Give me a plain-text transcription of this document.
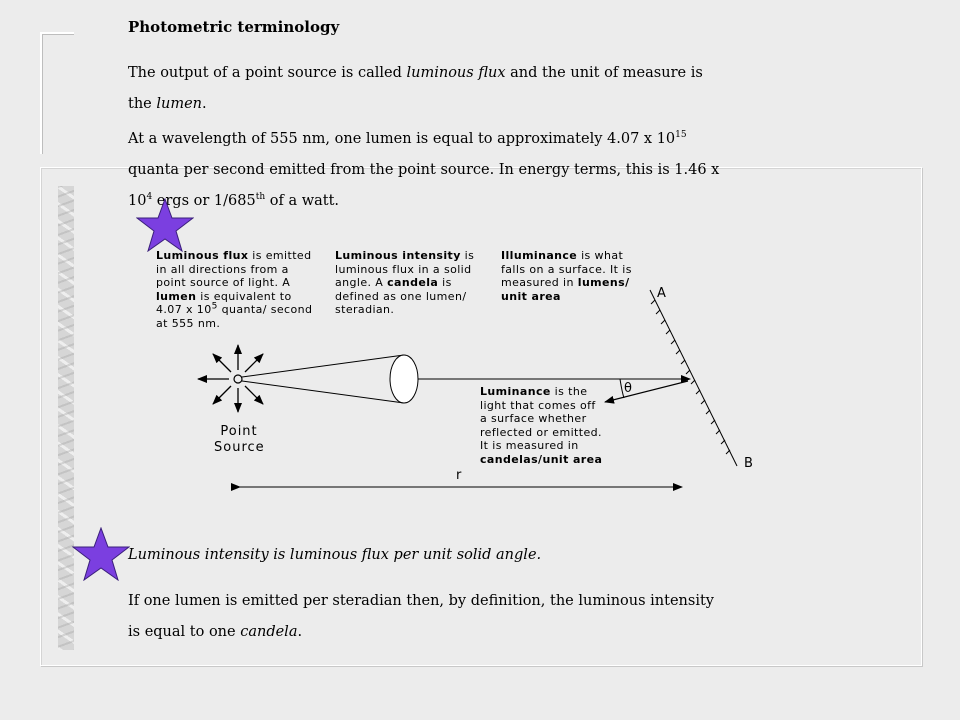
Photometric terminology
The output of a point source is called luminous flux and the unit of measure is
the lumen.
At a wavelength of 555 nm, one lumen is equal to approximately 4.07 x $10^{15}$
quanta per second emitted from the point source. In energy terms, this is 1.46 x
$10^4$ ergs or 1/685th of a watt.
Luminous flux is emitted
in all directions from a
point source of light. A
lumen is equivalent to
4.07 x $10^5$ quanta/ second
at 555 nm.
Luminous intensity is
luminous flux in a solid
angle. A candela is
defined as one lumen/
steradian.
Illuminance is what
falls on a surface. It is
measured in lumens/
unit area
Luminance is the
light that comes off
a surface whether
reflected or emitted.
It is measured in
candelas/unit area
Point
Source
A
B
θ
r
Luminous intensity is luminous flux per unit solid angle.
If one lumen is emitted per steradian then, by definition, the luminous intensity
is equal to one candela.
